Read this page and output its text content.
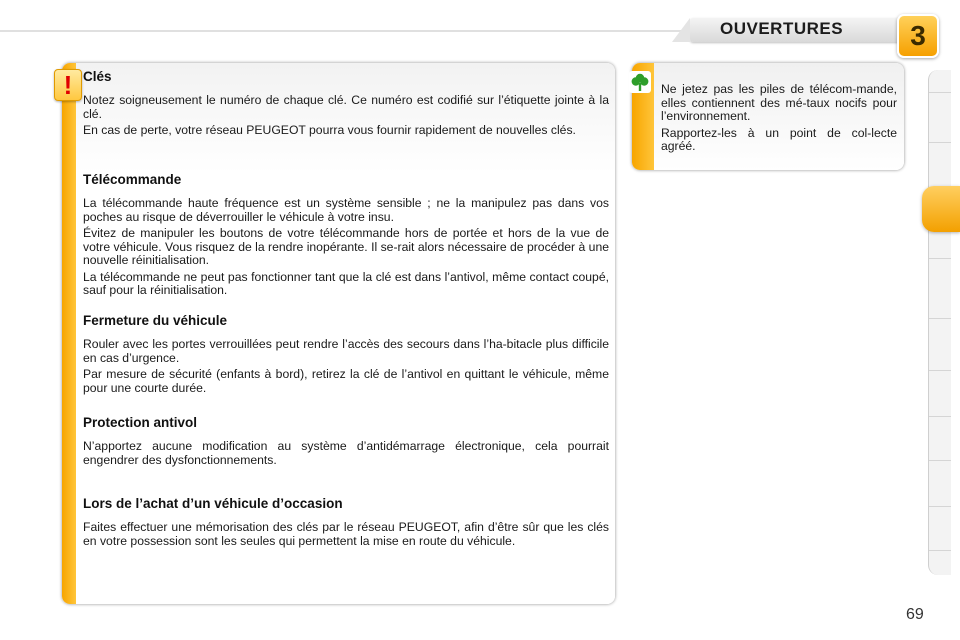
OUVERTURES	3
! Clés

Notez soigneusement le numéro de chaque clé. Ce numéro est codifié sur l’étiquette jointe à la clé.

En cas de perte, votre réseau PEUGEOT pourra vous fournir rapidement de nouvelles clés.

Télécommande

La télécommande haute fréquence est un système sensible ; ne la manipulez pas dans vos poches au risque de déverrouiller le véhicule à votre insu.

Évitez de manipuler les boutons de votre télécommande hors de portée et hors de la vue de votre véhicule. Vous risquez de la rendre inopérante. Il se-rait alors nécessaire de procéder à une nouvelle réinitialisation.

La télécommande ne peut pas fonctionner tant que la clé est dans l’antivol, même contact coupé, sauf pour la réinitialisation.

Fermeture du véhicule

Rouler avec les portes verrouillées peut rendre l’accès des secours dans l’ha-bitacle plus difficile en cas d’urgence.

Par mesure de sécurité (enfants à bord), retirez la clé de l’antivol en quittant le véhicule, même pour une courte durée.

Protection antivol

N’apportez aucune modification au système d’antidémarrage électronique, cela pourrait engendrer des dysfonctionnements.

Lors de l’achat d’un véhicule d’occasion

Faites effectuer une mémorisation des clés par le réseau PEUGEOT, afin d’être sûr que les clés en votre possession sont les seules qui permettent la mise en route du véhicule.

Ne jetez pas les piles de télécom-mande, elles contiennent des mé-taux nocifs pour l’environnement.

Rapportez-les à un point de col-lecte agréé.

69
